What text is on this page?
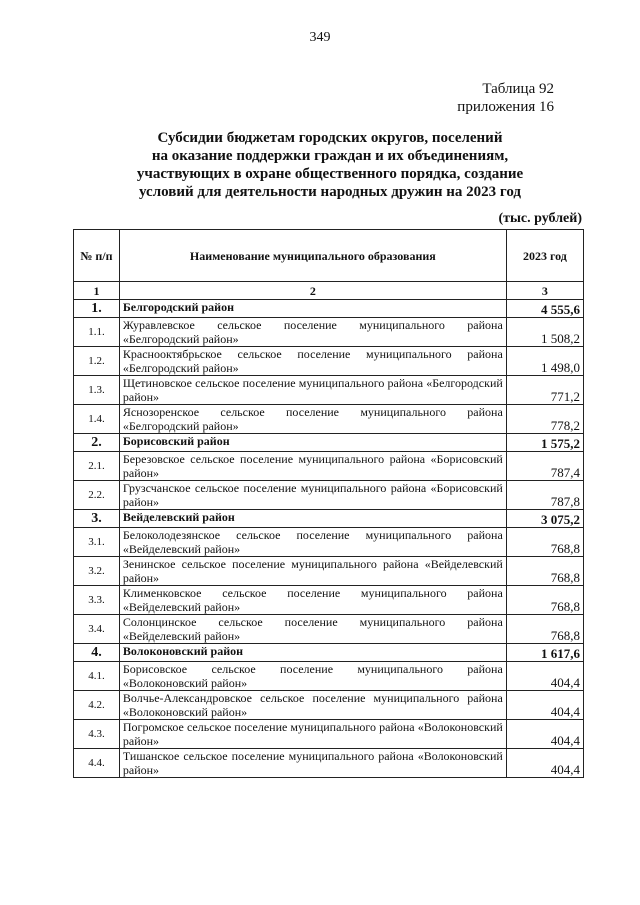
349
Таблица 92
приложения 16
Субсидии бюджетам городских округов, поселений
на оказание поддержки граждан и их объединениям,
участвующих в охране общественного порядка, создание
условий для деятельности народных дружин на 2023 год
(тыс. рублей)
№ п/п	Наименование муниципального образования	2023 год
1	2	3
1.	Белгородский район	4 555,6
1.1.	Журавлевское сельское поселение муниципального района «Белгородский район»	1 508,2
1.2.	Краснооктябрьское сельское поселение муниципального района «Белгородский район»	1 498,0
1.3.	Щетиновское сельское поселение муниципального района «Белгородский район»	771,2
1.4.	Яснозоренское сельское поселение муниципального района «Белгородский район»	778,2
2.	Борисовский район	1 575,2
2.1.	Березовское сельское поселение муниципального района «Борисовский район»	787,4
2.2.	Грузсчанское сельское поселение муниципального района «Борисовский район»	787,8
3.	Вейделевский район	3 075,2
3.1.	Белоколодезянское сельское поселение муниципального района «Вейделевский район»	768,8
3.2.	Зенинское сельское поселение муниципального района «Вейделевский район»	768,8
3.3.	Клименковское сельское поселение муниципального района «Вейделевский район»	768,8
3.4.	Солонцинское сельское поселение муниципального района «Вейделевский район»	768,8
4.	Волоконовский район	1 617,6
4.1.	Борисовское сельское поселение муниципального района «Волоконовский район»	404,4
4.2.	Волчье-Александровское сельское поселение муниципального района «Волоконовский район»	404,4
4.3.	Погромское сельское поселение муниципального района «Волоконовский район»	404,4
4.4.	Тишанское сельское поселение муниципального района «Волоконовский район»	404,4
